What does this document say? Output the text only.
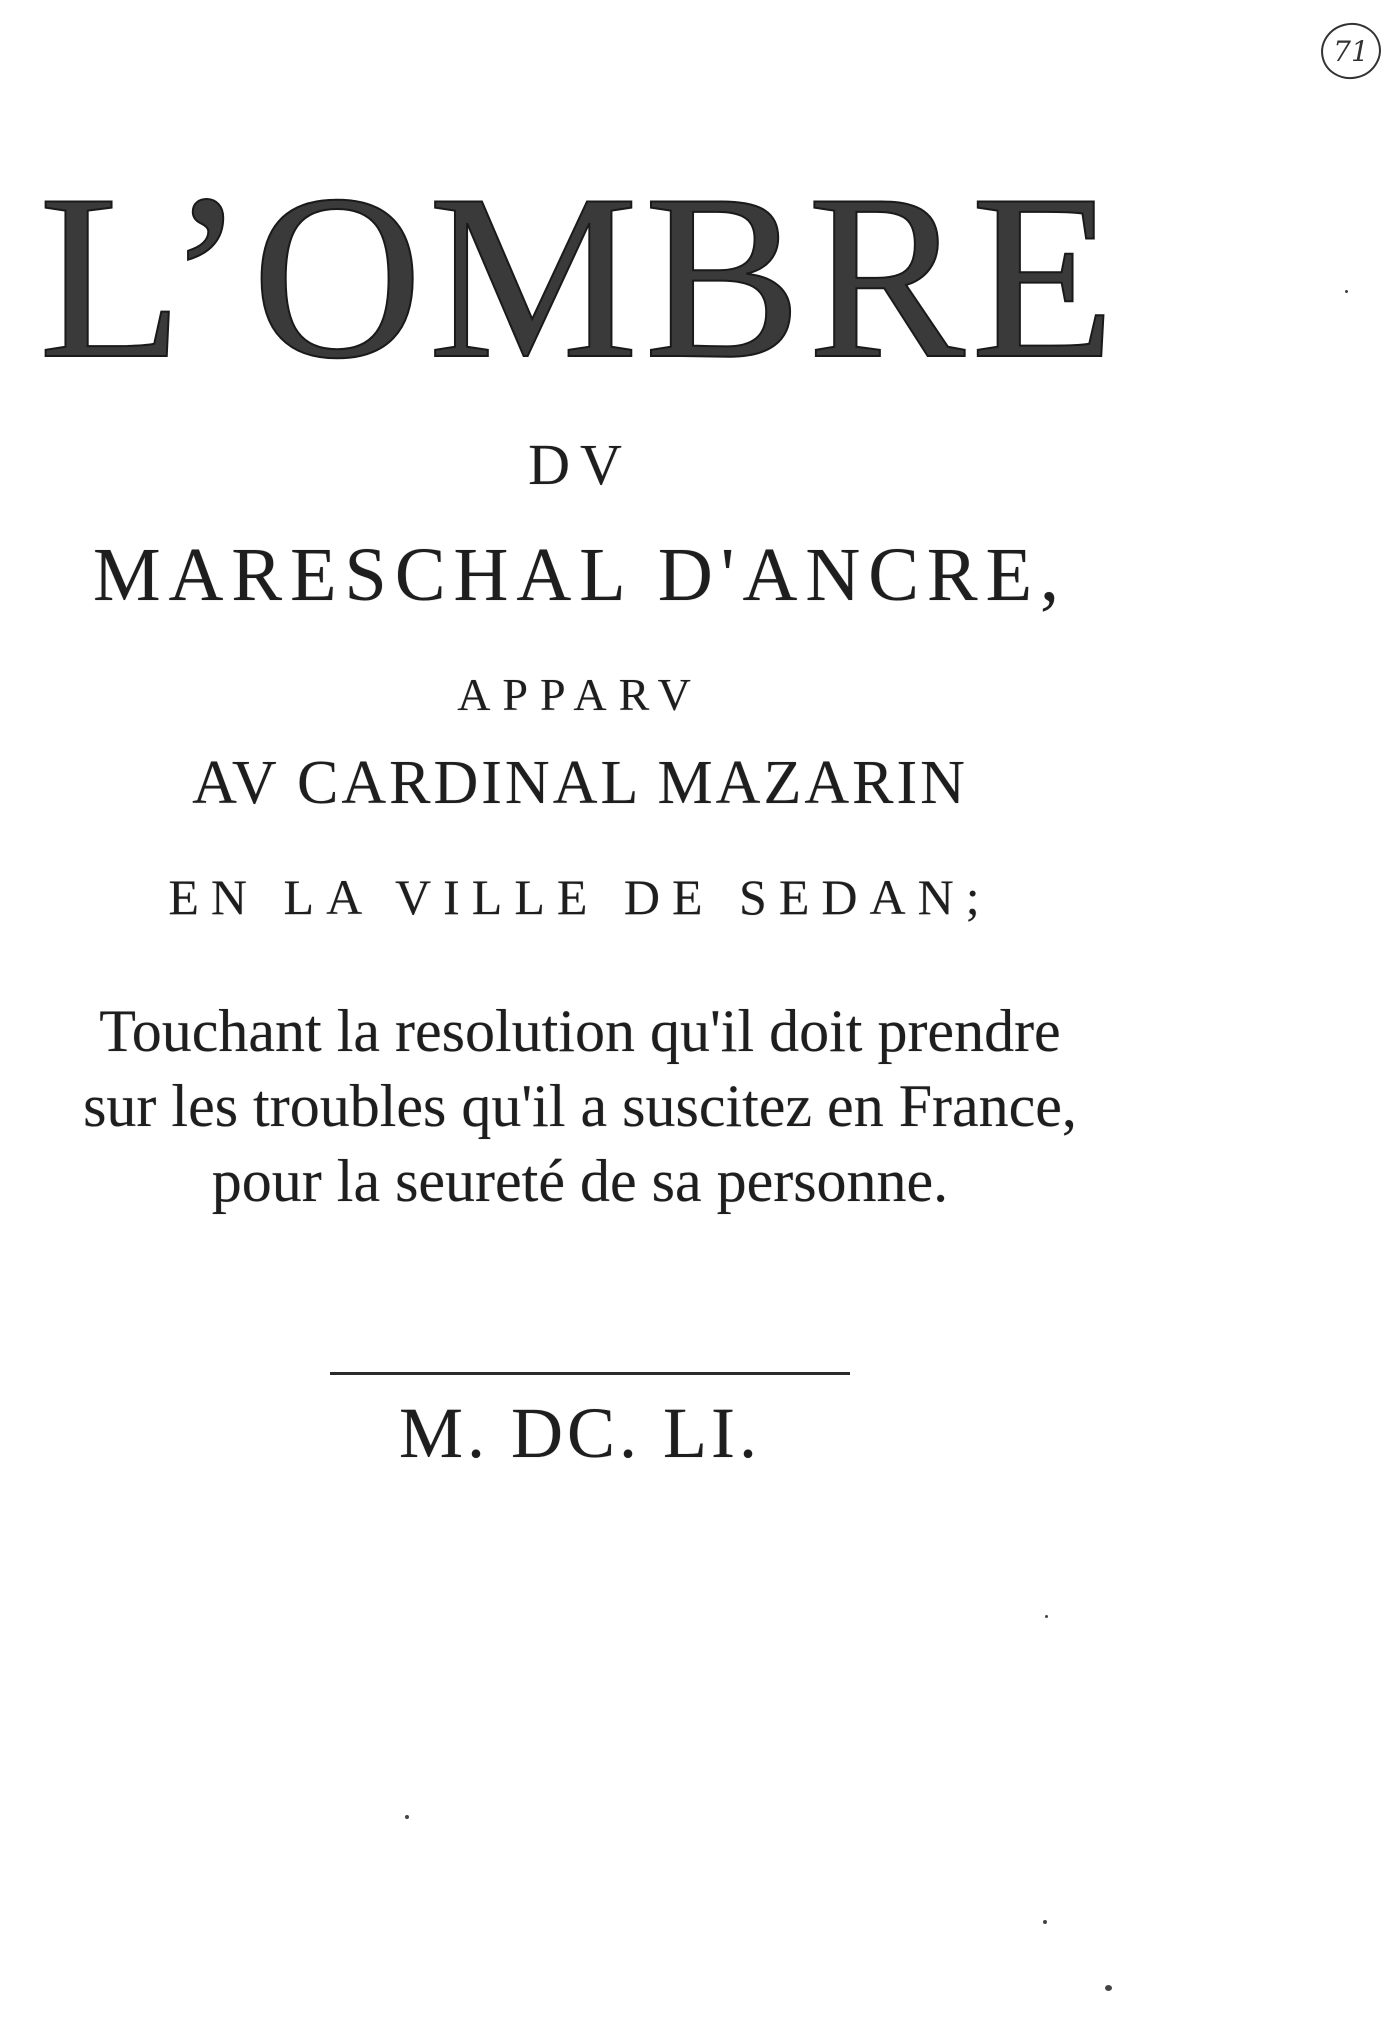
71
L’OMBRE
DV
MARESCHAL D'ANCRE,
APPARV
AV CARDINAL MAZARIN
EN LA VILLE DE SEDAN;
Touchant la resolution qu'il doit prendre
sur les troubles qu'il a suscitez en France,
pour la seureté de sa personne.
M. DC. LI.
